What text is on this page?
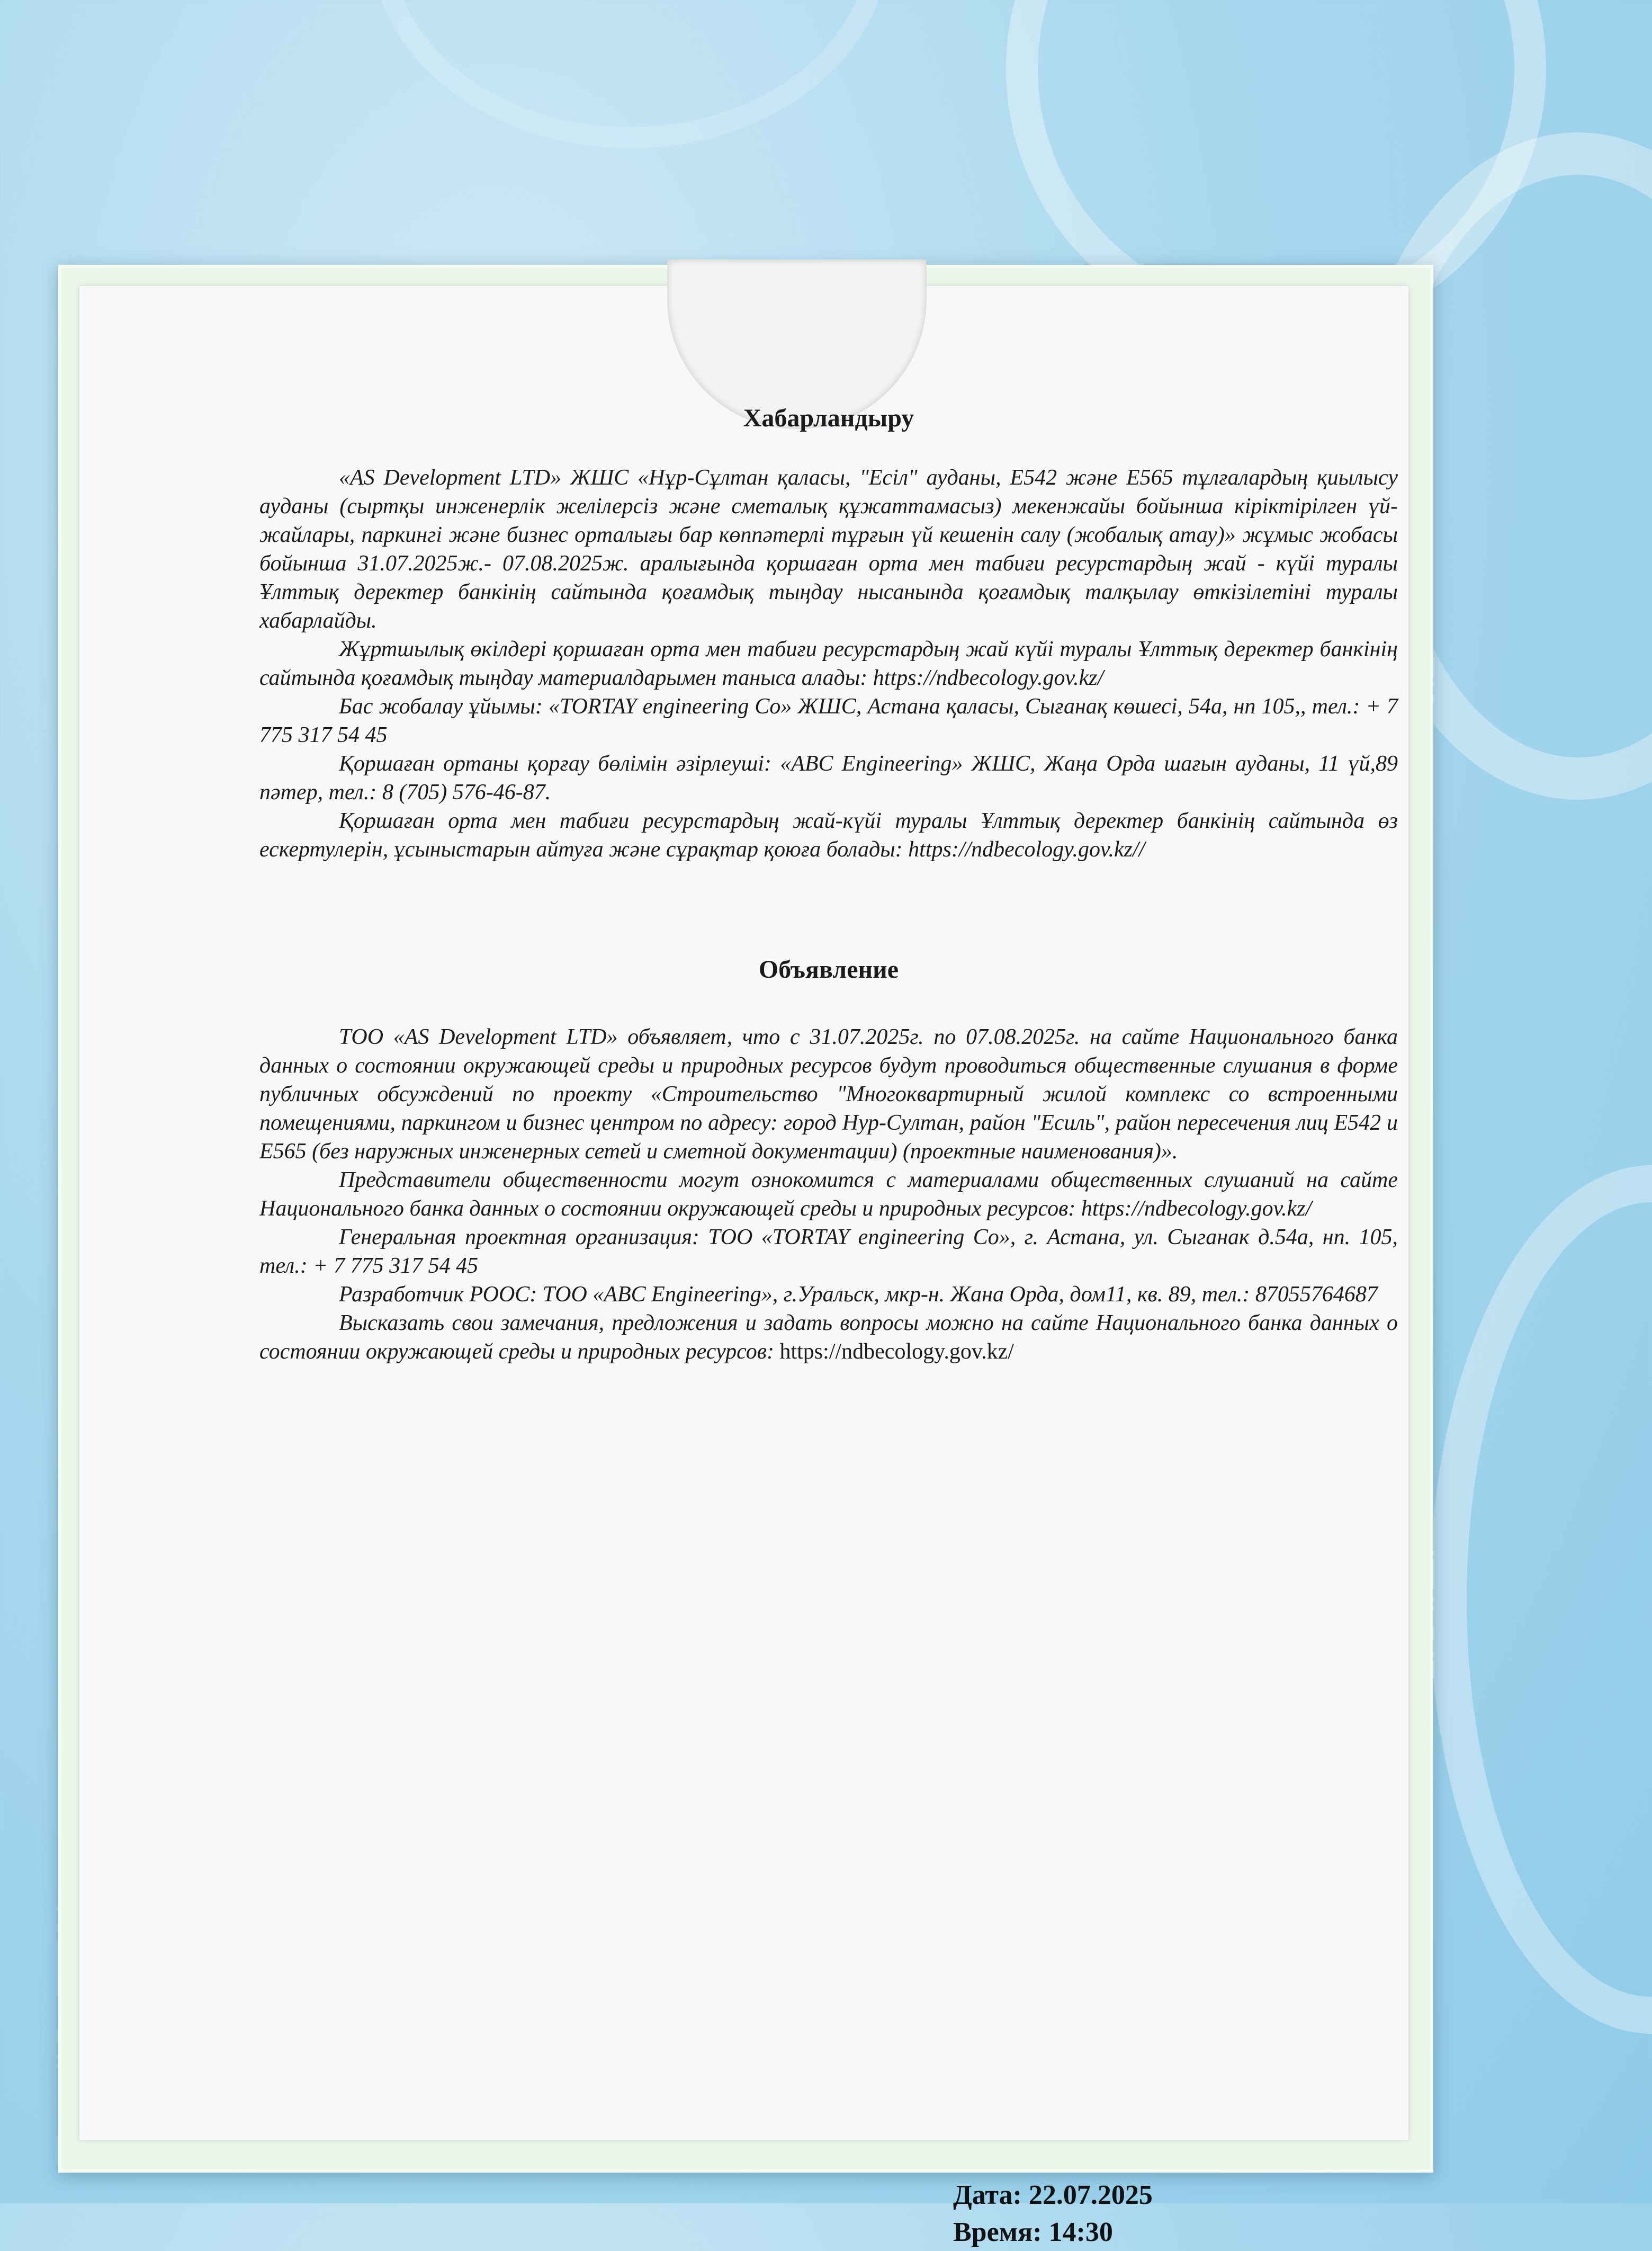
Хабарландыру

«AS Development LTD» ЖШС «Нұр-Сұлтан қаласы, "Есіл" ауданы, Е542 және Е565 тұлғалардың қиылысу ауданы (сыртқы инженерлік желілерсіз және сметалық құжаттамасыз) мекенжайы бойынша кіріктірілген үй-жайлары, паркингі және бизнес орталығы бар көппәтерлі тұрғын үй кешенін салу (жобалық атау)» жұмыс жобасы бойынша 31.07.2025ж.- 07.08.2025ж. аралығында қоршаған орта мен табиғи ресурстардың жай - күйі туралы Ұлттық деректер банкінің сайтында қоғамдық тыңдау нысанында қоғамдық талқылау өткізілетіні туралы хабарлайды.

Жұртшылық өкілдері қоршаған орта мен табиғи ресурстардың жай күйі туралы Ұлттық деректер банкінің сайтында қоғамдық тыңдау материалдарымен таныса алады: https://ndbecology.gov.kz/

Бас жобалау ұйымы: «TORTAY engineering Co» ЖШС, Астана қаласы, Сығанақ көшесі, 54а, нп 105,, тел.: + 7 775 317 54 45

Қоршаған ортаны қорғау бөлімін әзірлеуші: «ABC Engineering» ЖШС, Жаңа Орда шағын ауданы, 11 үй,89 пәтер, тел.: 8 (705) 576-46-87.

Қоршаған орта мен табиғи ресурстардың жай-күйі туралы Ұлттық деректер банкінің сайтында өз ескертулерін, ұсыныстарын айтуға және сұрақтар қоюға болады: https://ndbecology.gov.kz//

Объявление

ТОО «AS Development LTD» объявляет, что с 31.07.2025г. по 07.08.2025г. на сайте Национального банка данных о состоянии окружающей среды и природных ресурсов будут проводиться общественные слушания в форме публичных обсуждений по проекту «Строительство "Многоквартирный жилой комплекс со встроенными помещениями, паркингом и бизнес центром по адресу: город Нур-Султан, район "Есиль", район пересечения лиц Е542 и Е565 (без наружных инженерных сетей и сметной документации) (проектные наименования)».

Представители общественности могут ознокомится с материалами общественных слушаний на сайте Национального банка данных о состоянии окружающей среды и природных ресурсов: https://ndbecology.gov.kz/

Генеральная проектная организация: ТОО «TORTAY engineering Co», г. Астана, ул. Сыганак д.54а, нп. 105, тел.: + 7 775 317 54 45

Разработчик РООС: ТОО «ABC Engineering», г.Уральск, мкр-н. Жана Орда, дом11, кв. 89, тел.: 87055764687

Высказать свои замечания, предложения и задать вопросы можно на сайте Национального банка данных о состоянии окружающей среды и природных ресурсов: https://ndbecology.gov.kz/

Дата: 22.07.2025
Время: 14:30
